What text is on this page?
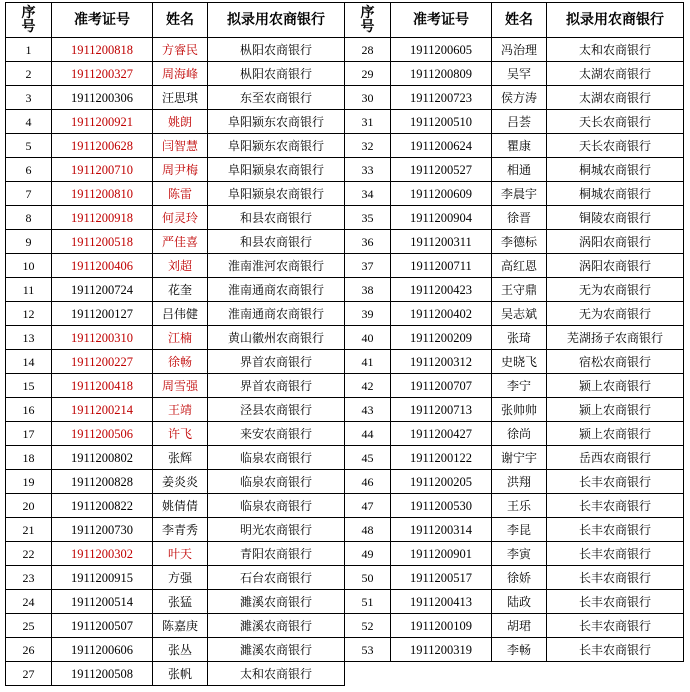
序号	准考证号	姓名	拟录用农商银行
1	1911200818	方睿民	枞阳农商银行
2	1911200327	周海峰	枞阳农商银行
3	1911200306	汪思琪	东至农商银行
4	1911200921	姚朗	阜阳颍东农商银行
5	1911200628	闫智慧	阜阳颍东农商银行
6	1911200710	周尹梅	阜阳颍泉农商银行
7	1911200810	陈雷	阜阳颍泉农商银行
8	1911200918	何灵玲	和县农商银行
9	1911200518	严佳喜	和县农商银行
10	1911200406	刘超	淮南淮河农商银行
11	1911200724	花奎	淮南通商农商银行
12	1911200127	吕伟健	淮南通商农商银行
13	1911200310	江楠	黄山徽州农商银行
14	1911200227	徐畅	界首农商银行
15	1911200418	周雪强	界首农商银行
16	1911200214	王靖	泾县农商银行
17	1911200506	许飞	来安农商银行
18	1911200802	张辉	临泉农商银行
19	1911200828	姜炎炎	临泉农商银行
20	1911200822	姚倩倩	临泉农商银行
21	1911200730	李青秀	明光农商银行
22	1911200302	叶天	青阳农商银行
23	1911200915	方强	石台农商银行
24	1911200514	张猛	濉溪农商银行
25	1911200507	陈嘉庚	濉溪农商银行
26	1911200606	张丛	濉溪农商银行
27	1911200508	张帆	太和农商银行
序号	准考证号	姓名	拟录用农商银行
28	1911200605	冯治理	太和农商银行
29	1911200809	吴罕	太湖农商银行
30	1911200723	侯方涛	太湖农商银行
31	1911200510	吕荟	天长农商银行
32	1911200624	瞿康	天长农商银行
33	1911200527	相通	桐城农商银行
34	1911200609	李晨宇	桐城农商银行
35	1911200904	徐晋	铜陵农商银行
36	1911200311	李德标	涡阳农商银行
37	1911200711	高红恩	涡阳农商银行
38	1911200423	王守鼎	无为农商银行
39	1911200402	吴志斌	无为农商银行
40	1911200209	张琦	芜湖扬子农商银行
41	1911200312	史晓飞	宿松农商银行
42	1911200707	李宁	颍上农商银行
43	1911200713	张帅帅	颍上农商银行
44	1911200427	徐尚	颍上农商银行
45	1911200122	谢宁宇	岳西农商银行
46	1911200205	洪翔	长丰农商银行
47	1911200530	王乐	长丰农商银行
48	1911200314	李昆	长丰农商银行
49	1911200901	李寅	长丰农商银行
50	1911200517	徐娇	长丰农商银行
51	1911200413	陆政	长丰农商银行
52	1911200109	胡珺	长丰农商银行
53	1911200319	李畅	长丰农商银行
